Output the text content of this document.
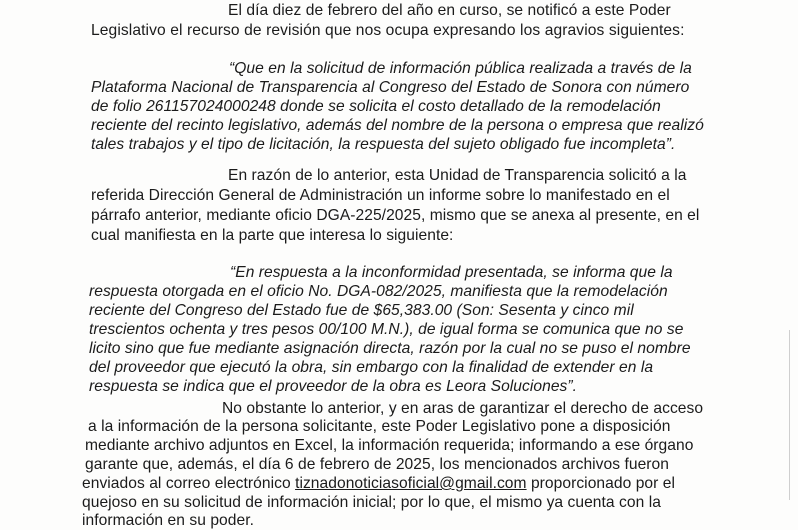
El día diez de febrero del año en curso, se notificó a este Poder
Legislativo el recurso de revisión que nos ocupa expresando los agravios siguientes:
“Que en la solicitud de información pública realizada a través de la
Plataforma Nacional de Transparencia al Congreso del Estado de Sonora con número
de folio 261157024000248 donde se solicita el costo detallado de la remodelación
reciente del recinto legislativo, además del nombre de la persona o empresa que realizó
tales trabajos y el tipo de licitación, la respuesta del sujeto obligado fue incompleta”.
En razón de lo anterior, esta Unidad de Transparencia solicitó a la
referida Dirección General de Administración un informe sobre lo manifestado en el
párrafo anterior, mediante oficio DGA-225/2025, mismo que se anexa al presente, en el
cual manifiesta en la parte que interesa lo siguiente:
“En respuesta a la inconformidad presentada, se informa que la
respuesta otorgada en el oficio No. DGA-082/2025, manifiesta que la remodelación
reciente del Congreso del Estado fue de $65,383.00 (Son: Sesenta y cinco mil
trescientos ochenta y tres pesos 00/100 M.N.), de igual forma se comunica que no se
licito sino que fue mediante asignación directa, razón por la cual no se puso el nombre
del proveedor que ejecutó la obra, sin embargo con la finalidad de extender en la
respuesta se indica que el proveedor de la obra es Leora Soluciones”.
No obstante lo anterior, y en aras de garantizar el derecho de acceso
a la información de la persona solicitante, este Poder Legislativo pone a disposición
mediante archivo adjuntos en Excel, la información requerida; informando a ese órgano
garante que, además, el día 6 de febrero de 2025, los mencionados archivos fueron
enviados al correo electrónico tiznadonoticiasoficial@gmail.com proporcionado por el
quejoso en su solicitud de información inicial; por lo que, el mismo ya cuenta con la
información en su poder.
